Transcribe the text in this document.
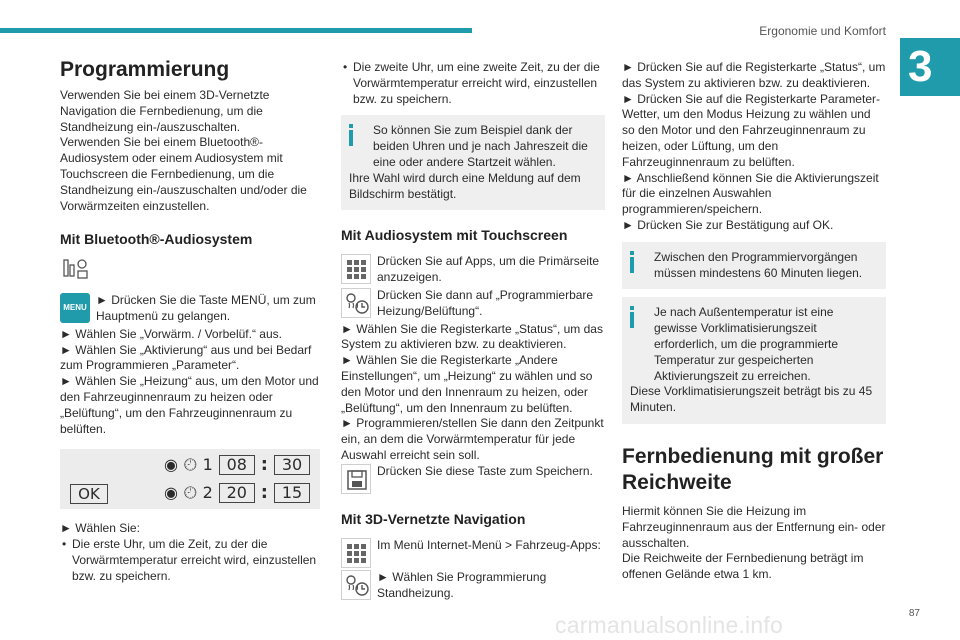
Ergonomie und Komfort
3
Programmierung

Verwenden Sie bei einem 3D-Vernetzte Navigation die Fernbedienung, um die Standheizung ein-/auszuschalten.

Verwenden Sie bei einem Bluetooth®-Audiosystem oder einem Audiosystem mit Touchscreen die Fernbedienung, um die Standheizung ein-/auszuschalten und/oder die Vorwärmzeiten einzustellen.

Mit Bluetooth®-Audiosystem
MENU

► Drücken Sie die Taste MENÜ, um zum Hauptmenü zu gelangen.

► Wählen Sie „Vorwärm. / Vorbelüf.“ aus.

► Wählen Sie „Aktivierung“ aus und bei Bedarf zum Programmieren „Parameter“.

► Wählen Sie „Heizung“ aus, um den Motor und den Fahrzeuginnenraum zu heizen oder „Belüftung“, um den Fahrzeuginnenraum zu belüften.

OK
◉ 🕘︎ 1 08 : 30
◉ 🕘︎ 2 20 : 15

► Wählen Sie:

• Die erste Uhr, um die Zeit, zu der die Vorwärmtemperatur erreicht wird, einzustellen bzw. zu speichern.
• Die zweite Uhr, um eine zweite Zeit, zu der die Vorwärmtemperatur erreicht wird, einzustellen bzw. zu speichern.

So können Sie zum Beispiel dank der beiden Uhren und je nach Jahreszeit die eine oder andere Startzeit wählen.

Ihre Wahl wird durch eine Meldung auf dem Bildschirm bestätigt.

Mit Audiosystem mit Touchscreen

Drücken Sie auf Apps, um die Primärseite anzuzeigen.

Drücken Sie dann auf „Programmierbare Heizung/Belüftung“.

► Wählen Sie die Registerkarte „Status“, um das System zu aktivieren bzw. zu deaktivieren.

► Wählen Sie die Registerkarte „Andere Einstellungen“, um „Heizung“ zu wählen und so den Motor und den Innenraum zu heizen, oder „Belüftung“, um den Innenraum zu belüften.

► Programmieren/stellen Sie dann den Zeitpunkt ein, an dem die Vorwärmtemperatur für jede Auswahl erreicht sein soll.

Drücken Sie diese Taste zum Speichern.

Mit 3D-Vernetzte Navigation

Im Menü Internet-Menü > Fahrzeug-Apps:

► Wählen Sie Programmierung Standheizung.

► Drücken Sie auf die Registerkarte „Status“, um das System zu aktivieren bzw. zu deaktivieren.

► Drücken Sie auf die Registerkarte Parameter-Wetter, um den Modus Heizung zu wählen und so den Motor und den Fahrzeuginnenraum zu heizen, oder Lüftung, um den Fahrzeuginnenraum zu belüften.

► Anschließend können Sie die Aktivierungszeit für die einzelnen Auswahlen programmieren/speichern.

► Drücken Sie zur Bestätigung auf OK.

Zwischen den Programmiervorgängen müssen mindestens 60 Minuten liegen.

Je nach Außentemperatur ist eine gewisse Vorklimatisierungszeit erforderlich, um die programmierte Temperatur zur gespeicherten Aktivierungszeit zu erreichen.

Diese Vorklimatisierungszeit beträgt bis zu 45 Minuten.

Fernbedienung mit großer Reichweite

Hiermit können Sie die Heizung im Fahrzeuginnenraum aus der Entfernung ein- oder ausschalten.

Die Reichweite der Fernbedienung beträgt im offenen Gelände etwa 1 km.

carmanualsonline.info	87
